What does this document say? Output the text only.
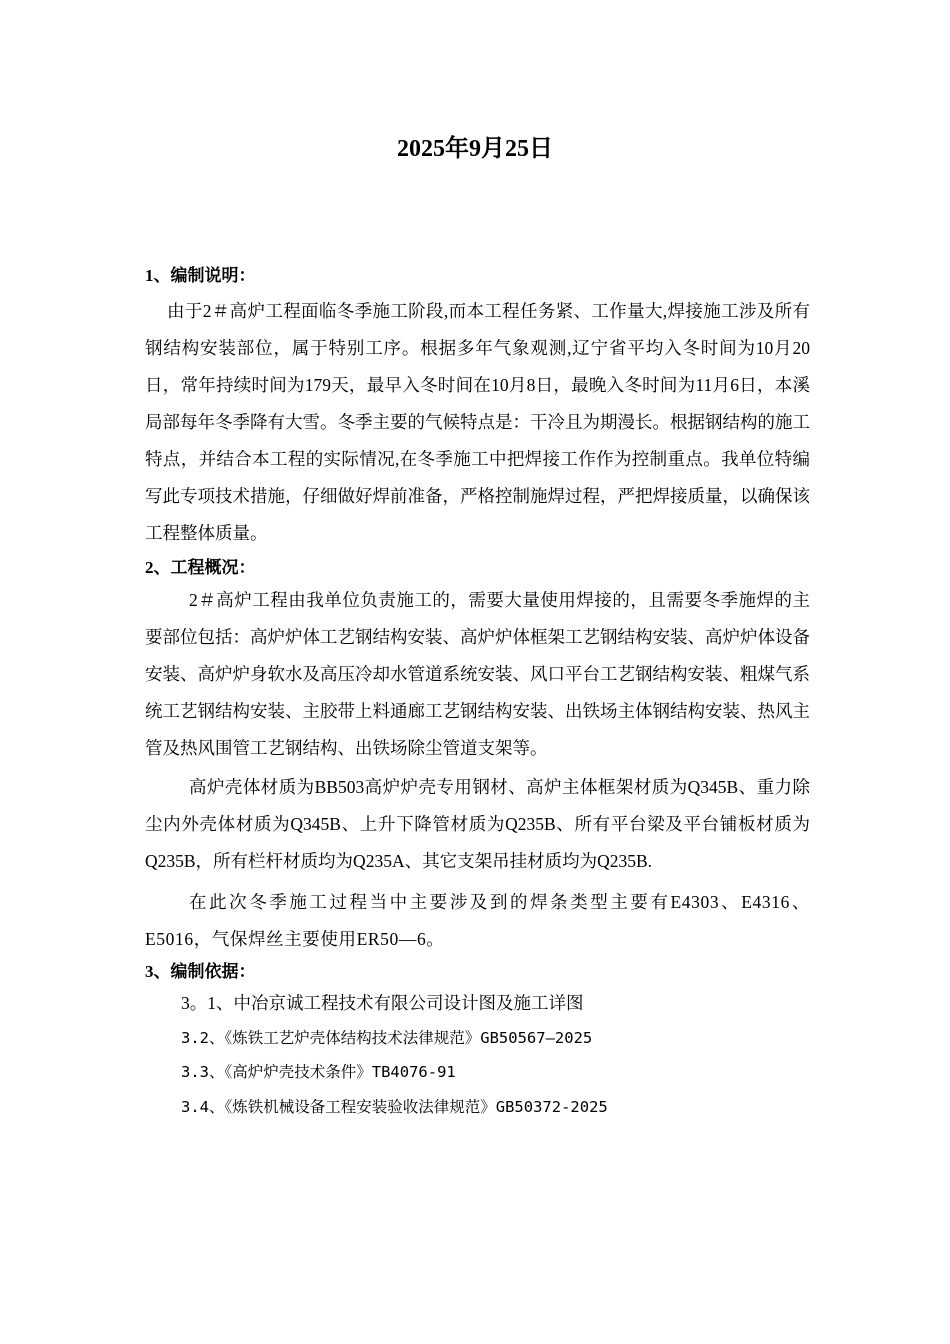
2025年9月25日
1、编制说明：

由于2＃高炉工程面临冬季施工阶段,而本工程任务紧、工作量大,焊接施工涉及所有钢结构安装部位，属于特别工序。根据多年气象观测,辽宁省平均入冬时间为10月20日，常年持续时间为179天，最早入冬时间在10月8日，最晚入冬时间为11月6日，本溪局部每年冬季降有大雪。冬季主要的气候特点是：干冷且为期漫长。根据钢结构的施工特点，并结合本工程的实际情况,在冬季施工中把焊接工作作为控制重点。我单位特编写此专项技术措施，仔细做好焊前准备，严格控制施焊过程，严把焊接质量，以确保该工程整体质量。

2、工程概况：

2＃高炉工程由我单位负责施工的，需要大量使用焊接的，且需要冬季施焊的主要部位包括：高炉炉体工艺钢结构安装、高炉炉体框架工艺钢结构安装、高炉炉体设备安装、高炉炉身软水及高压冷却水管道系统安装、风口平台工艺钢结构安装、粗煤气系统工艺钢结构安装、主胶带上料通廊工艺钢结构安装、出铁场主体钢结构安装、热风主管及热风围管工艺钢结构、出铁场除尘管道支架等。

高炉壳体材质为BB503高炉炉壳专用钢材、高炉主体框架材质为Q345B、重力除尘内外壳体材质为Q345B、上升下降管材质为Q235B、所有平台梁及平台铺板材质为Q235B，所有栏杆材质均为Q235A、其它支架吊挂材质均为Q235B.

在此次冬季施工过程当中主要涉及到的焊条类型主要有E4303、E4316、E5016，气保焊丝主要使用ER50—6。

3、编制依据：
3。1、中冶京诚工程技术有限公司设计图及施工详图
3.2、《炼铁工艺炉壳体结构技术法律规范》GB50567—2025
3.3、《高炉炉壳技术条件》TB4076-91
3.4、《炼铁机械设备工程安装验收法律规范》GB50372-2025
